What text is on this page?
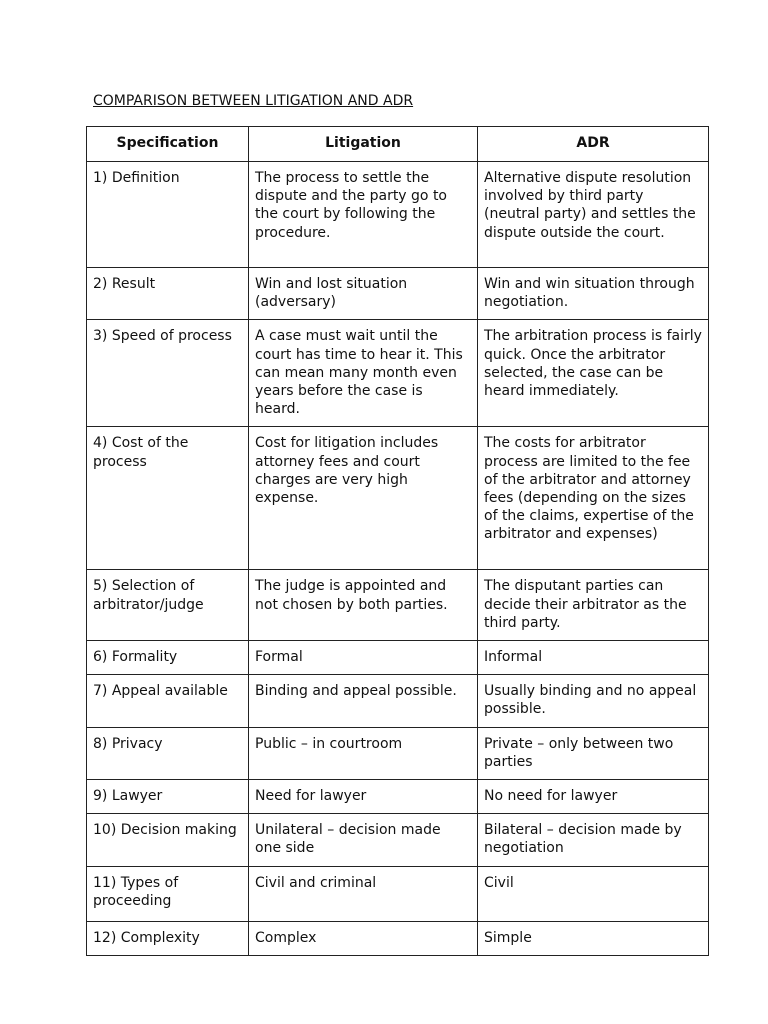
COMPARISON BETWEEN LITIGATION AND ADR
Specification	Litigation	ADR
1) Definition	The process to settle the dispute and the party go to the court by following the procedure.	Alternative dispute resolution involved by third party (neutral party) and settles the dispute outside the court.
2) Result	Win and lost situation (adversary)	Win and win situation through negotiation.
3) Speed of process	A case must wait until the court has time to hear it. This can mean many month even years before the case is heard.	The arbitration process is fairly quick. Once the arbitrator selected, the case can be heard immediately.
4) Cost of the process	Cost for litigation includes attorney fees and court charges are very high expense.	The costs for arbitrator process are limited to the fee of the arbitrator and attorney fees (depending on the sizes of the claims, expertise of the arbitrator and expenses)
5) Selection of arbitrator/judge	The judge is appointed and not chosen by both parties.	The disputant parties can decide their arbitrator as the third party.
6) Formality	Formal	Informal
7) Appeal available	Binding and appeal possible.	Usually binding and no appeal possible.
8) Privacy	Public – in courtroom	Private – only between two parties
9) Lawyer	Need for lawyer	No need for lawyer
10) Decision making	Unilateral – decision made one side	Bilateral – decision made by negotiation
11) Types of proceeding	Civil and criminal	Civil
12) Complexity	Complex	Simple
